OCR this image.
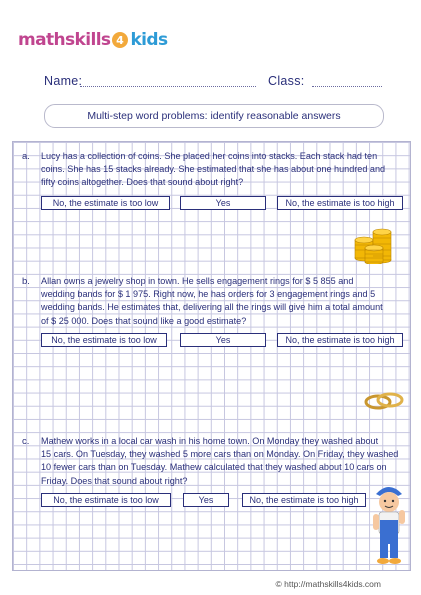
mathskills 4 kids
Name:	Class:
Multi-step word problems: identify reasonable answers
a. Lucy has a collection of coins. She placed her coins into stacks. Each stack had ten
coins. She has 15 stacks already. She estimated that she has about one hundred and
fifty coins altogether. Does that sound about right?
No, the estimate is too low	Yes	No, the estimate is too high
b. Allan owns a jewelry shop in town. He sells engagement rings for $ 5 855 and
wedding bands for $ 1 975. Right now, he has orders for 3 engagement rings and 5
wedding bands. He estimates that, delivering all the rings will give him a total amount
of $ 25 000. Does that sound like a good estimate?
No, the estimate is too low	Yes	No, the estimate is too high
c. Mathew works in a local car wash in his home town. On Monday they washed about
15 cars. On Tuesday, they washed 5 more cars than on Monday. On Friday, they washed
10 fewer cars than on Tuesday. Mathew calculated that they washed about 10 cars on
Friday. Does that sound about right?
No, the estimate is too low	Yes	No, the estimate is too high
© http://mathskills4kids.com
